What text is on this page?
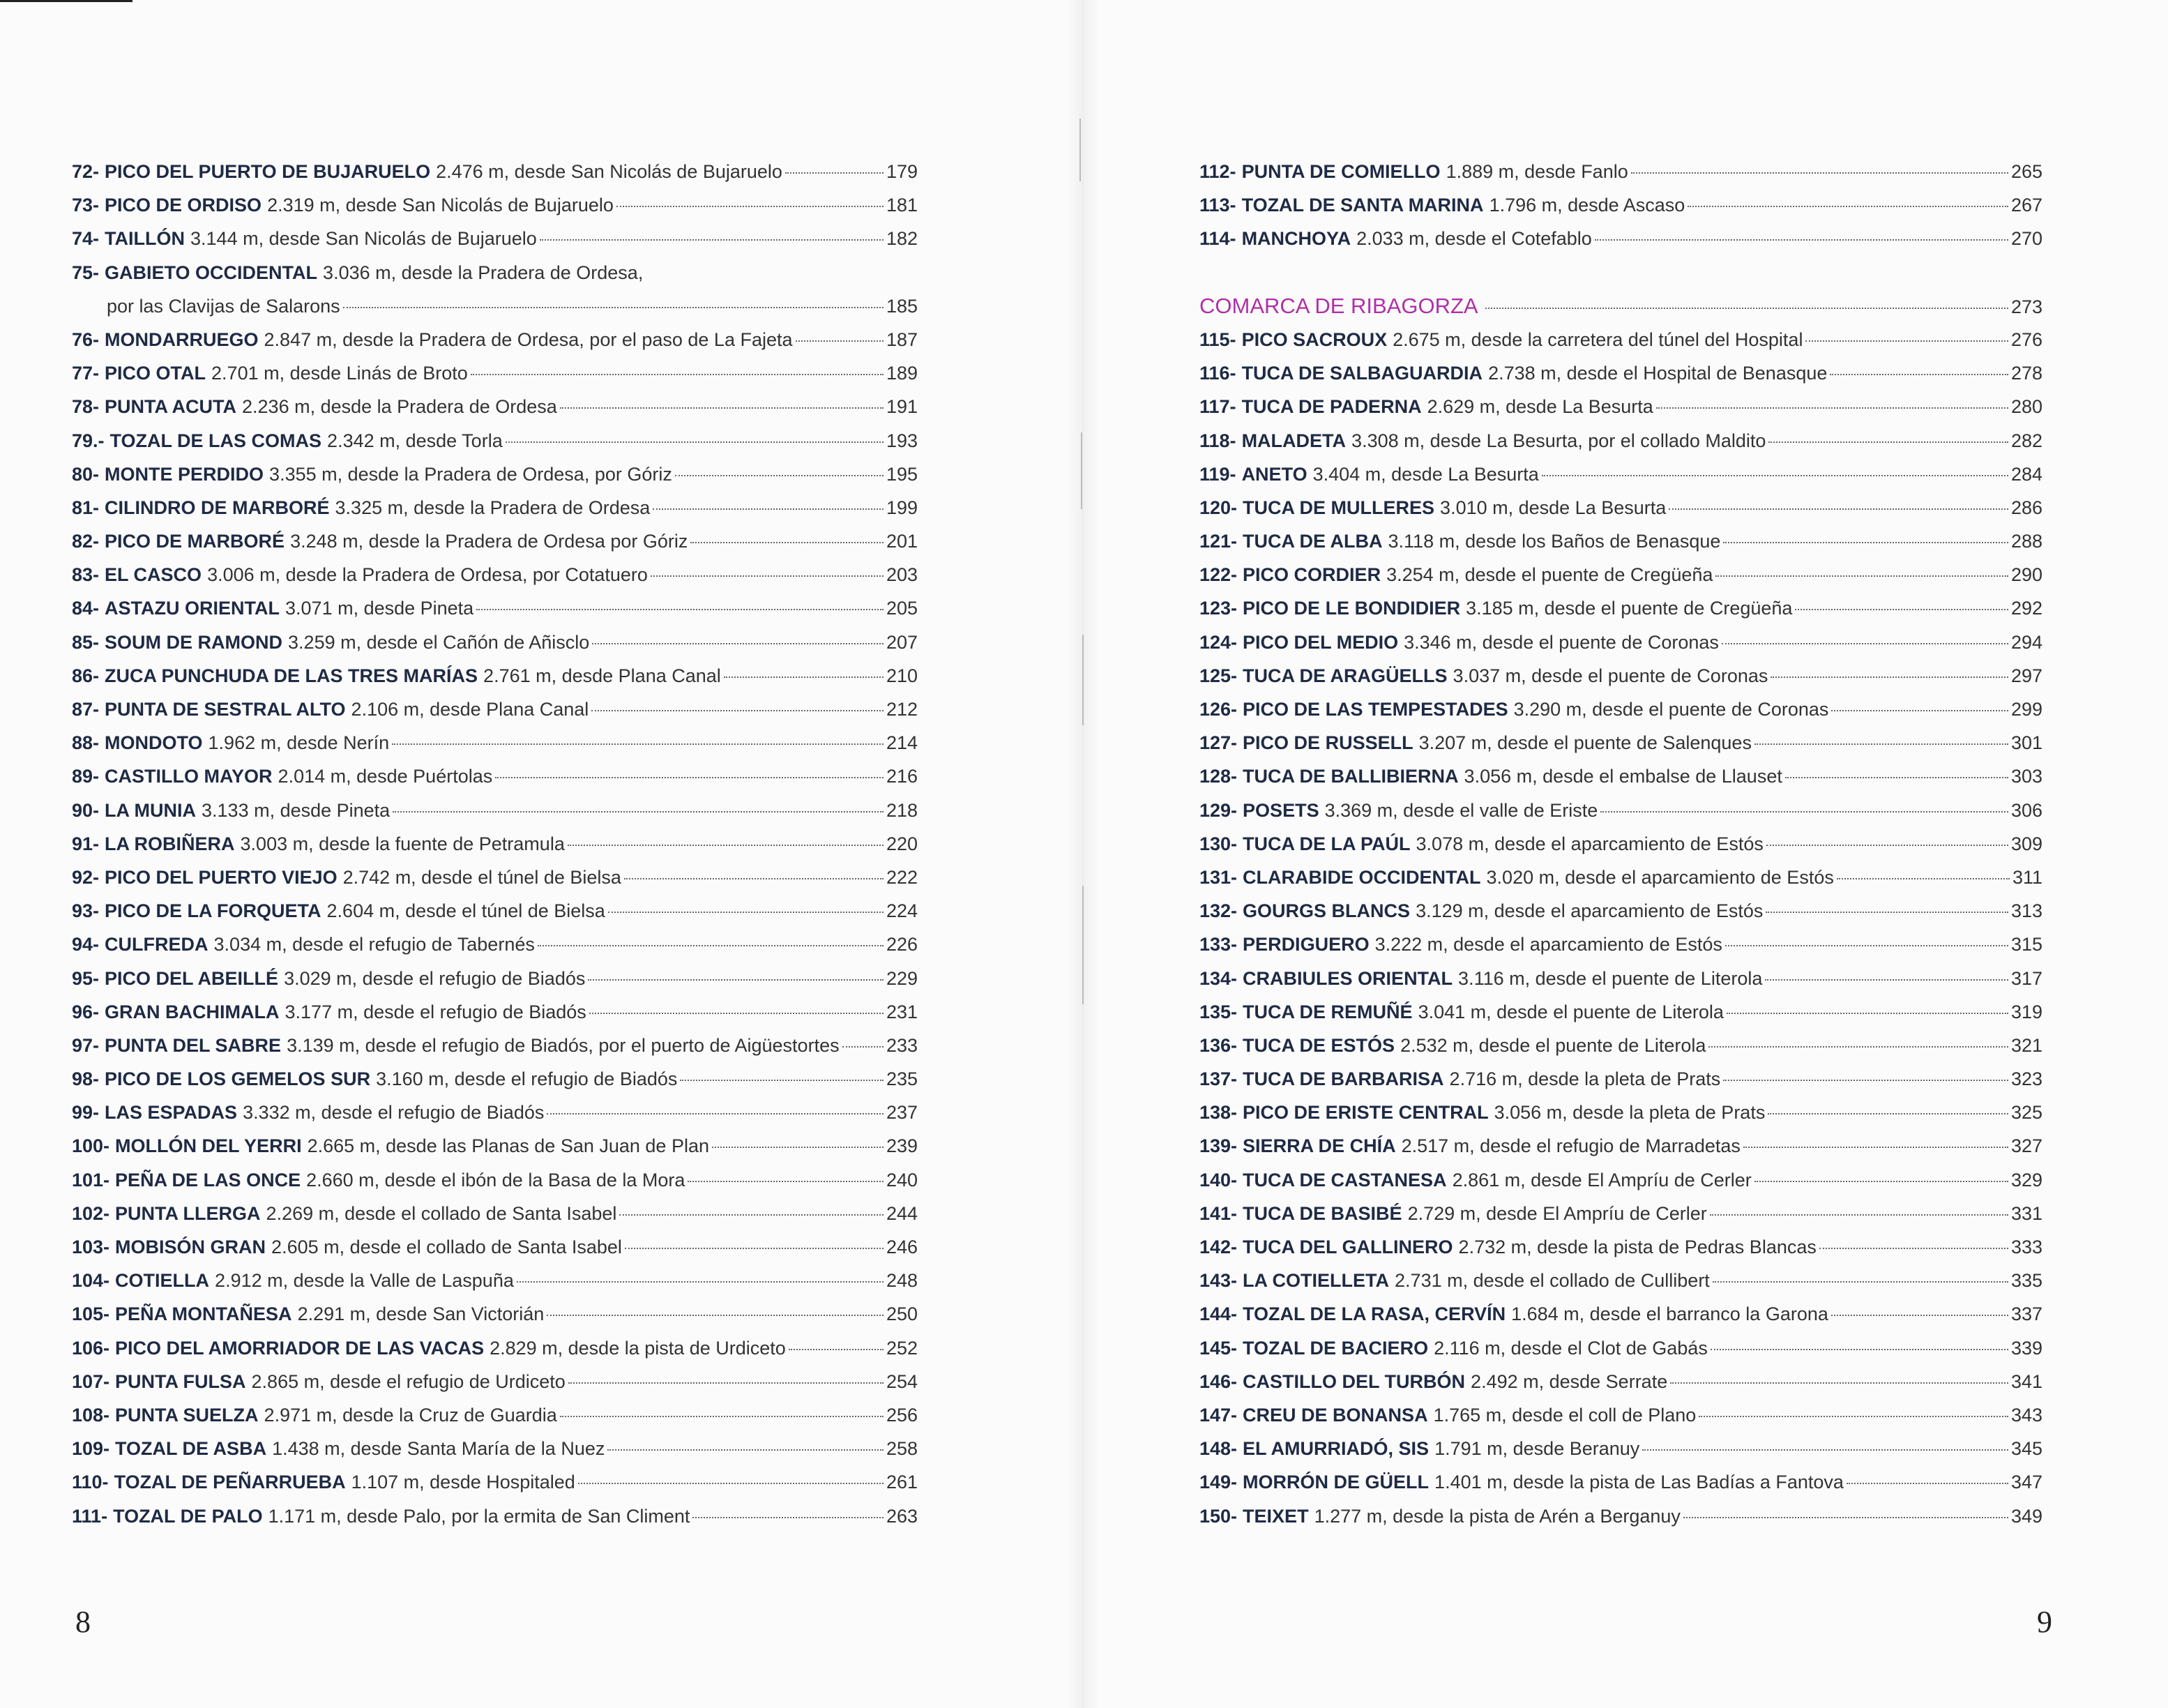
72- PICO DEL PUERTO DE BUJARUELO 2.476 m, desde San Nicolás de Bujaruelo	179
73- PICO DE ORDISO 2.319 m, desde San Nicolás de Bujaruelo	181
74- TAILLÓN 3.144 m, desde San Nicolás de Bujaruelo	182
75- GABIETO OCCIDENTAL 3.036 m, desde la Pradera de Ordesa,
por las Clavijas de Salarons	185
76- MONDARRUEGO 2.847 m, desde la Pradera de Ordesa, por el paso de La Fajeta	187
77- PICO OTAL 2.701 m, desde Linás de Broto	189
78- PUNTA ACUTA 2.236 m, desde la Pradera de Ordesa	191
79.- TOZAL DE LAS COMAS 2.342 m, desde Torla	193
80- MONTE PERDIDO 3.355 m, desde la Pradera de Ordesa, por Góriz	195
81- CILINDRO DE MARBORÉ 3.325 m, desde la Pradera de Ordesa	199
82- PICO DE MARBORÉ 3.248 m, desde la Pradera de Ordesa por Góriz	201
83- EL CASCO 3.006 m, desde la Pradera de Ordesa, por Cotatuero	203
84- ASTAZU ORIENTAL 3.071 m, desde Pineta	205
85- SOUM DE RAMOND 3.259 m, desde el Cañón de Añisclo	207
86- ZUCA PUNCHUDA DE LAS TRES MARÍAS 2.761 m, desde Plana Canal	210
87- PUNTA DE SESTRAL ALTO 2.106 m, desde Plana Canal	212
88- MONDOTO 1.962 m, desde Nerín	214
89- CASTILLO MAYOR 2.014 m, desde Puértolas	216
90- LA MUNIA 3.133 m, desde Pineta	218
91- LA ROBIÑERA 3.003 m, desde la fuente de Petramula	220
92- PICO DEL PUERTO VIEJO 2.742 m, desde el túnel de Bielsa	222
93- PICO DE LA FORQUETA 2.604 m, desde el túnel de Bielsa	224
94- CULFREDA 3.034 m, desde el refugio de Tabernés	226
95- PICO DEL ABEILLÉ 3.029 m, desde el refugio de Biadós	229
96- GRAN BACHIMALA 3.177 m, desde el refugio de Biadós	231
97- PUNTA DEL SABRE 3.139 m, desde el refugio de Biadós, por el puerto de Aigüestortes 233
98- PICO DE LOS GEMELOS SUR 3.160 m, desde el refugio de Biadós	235
99- LAS ESPADAS 3.332 m, desde el refugio de Biadós	237
100- MOLLÓN DEL YERRI 2.665 m, desde las Planas de San Juan de Plan	239
101- PEÑA DE LAS ONCE 2.660 m, desde el ibón de la Basa de la Mora	240
102- PUNTA LLERGA 2.269 m, desde el collado de Santa Isabel	244
103- MOBISÓN GRAN 2.605 m, desde el collado de Santa Isabel	246
104- COTIELLA 2.912 m, desde la Valle de Laspuña	248
105- PEÑA MONTAÑESA 2.291 m, desde San Victorián	250
106- PICO DEL AMORRIADOR DE LAS VACAS 2.829 m, desde la pista de Urdiceto	252
107- PUNTA FULSA 2.865 m, desde el refugio de Urdiceto	254
108- PUNTA SUELZA 2.971 m, desde la Cruz de Guardia	256
109- TOZAL DE ASBA 1.438 m, desde Santa María de la Nuez	258
110- TOZAL DE PEÑARRUEBA 1.107 m, desde Hospitaled	261
111- TOZAL DE PALO 1.171 m, desde Palo, por la ermita de San Climent	263
8
112- PUNTA DE COMIELLO 1.889 m, desde Fanlo	265
113- TOZAL DE SANTA MARINA 1.796 m, desde Ascaso	267
114- MANCHOYA 2.033 m, desde el Cotefablo	270
COMARCA DE RIBAGORZA	273
115- PICO SACROUX 2.675 m, desde la carretera del túnel del Hospital	276
116- TUCA DE SALBAGUARDIA 2.738 m, desde el Hospital de Benasque	278
117- TUCA DE PADERNA 2.629 m, desde La Besurta	280
118- MALADETA 3.308 m, desde La Besurta, por el collado Maldito	282
119- ANETO 3.404 m, desde La Besurta	284
120- TUCA DE MULLERES 3.010 m, desde La Besurta	286
121- TUCA DE ALBA 3.118 m, desde los Baños de Benasque	288
122- PICO CORDIER 3.254 m, desde el puente de Cregüeña	290
123- PICO DE LE BONDIDIER 3.185 m, desde el puente de Cregüeña	292
124- PICO DEL MEDIO 3.346 m, desde el puente de Coronas	294
125- TUCA DE ARAGÜELLS 3.037 m, desde el puente de Coronas	297
126- PICO DE LAS TEMPESTADES 3.290 m, desde el puente de Coronas	299
127- PICO DE RUSSELL 3.207 m, desde el puente de Salenques	301
128- TUCA DE BALLIBIERNA 3.056 m, desde el embalse de Llauset	303
129- POSETS 3.369 m, desde el valle de Eriste	306
130- TUCA DE LA PAÚL 3.078 m, desde el aparcamiento de Estós	309
131- CLARABIDE OCCIDENTAL 3.020 m, desde el aparcamiento de Estós	311
132- GOURGS BLANCS 3.129 m, desde el aparcamiento de Estós	313
133- PERDIGUERO 3.222 m, desde el aparcamiento de Estós	315
134- CRABIULES ORIENTAL 3.116 m, desde el puente de Literola	317
135- TUCA DE REMUÑÉ 3.041 m, desde el puente de Literola	319
136- TUCA DE ESTÓS 2.532 m, desde el puente de Literola	321
137- TUCA DE BARBARISA 2.716 m, desde la pleta de Prats	323
138- PICO DE ERISTE CENTRAL 3.056 m, desde la pleta de Prats	325
139- SIERRA DE CHÍA 2.517 m, desde el refugio de Marradetas	327
140- TUCA DE CASTANESA 2.861 m, desde El Ampríu de Cerler	329
141- TUCA DE BASIBÉ 2.729 m, desde El Ampríu de Cerler	331
142- TUCA DEL GALLINERO 2.732 m, desde la pista de Pedras Blancas	333
143- LA COTIELLETA 2.731 m, desde el collado de Cullibert	335
144- TOZAL DE LA RASA, CERVÍN 1.684 m, desde el barranco la Garona	337
145- TOZAL DE BACIERO 2.116 m, desde el Clot de Gabás	339
146- CASTILLO DEL TURBÓN 2.492 m, desde Serrate	341
147- CREU DE BONANSA 1.765 m, desde el coll de Plano	343
148- EL AMURRIADÓ, SIS 1.791 m, desde Beranuy	345
149- MORRÓN DE GÜELL 1.401 m, desde la pista de Las Badías a Fantova	347
150- TEIXET 1.277 m, desde la pista de Arén a Berganuy	349
9
